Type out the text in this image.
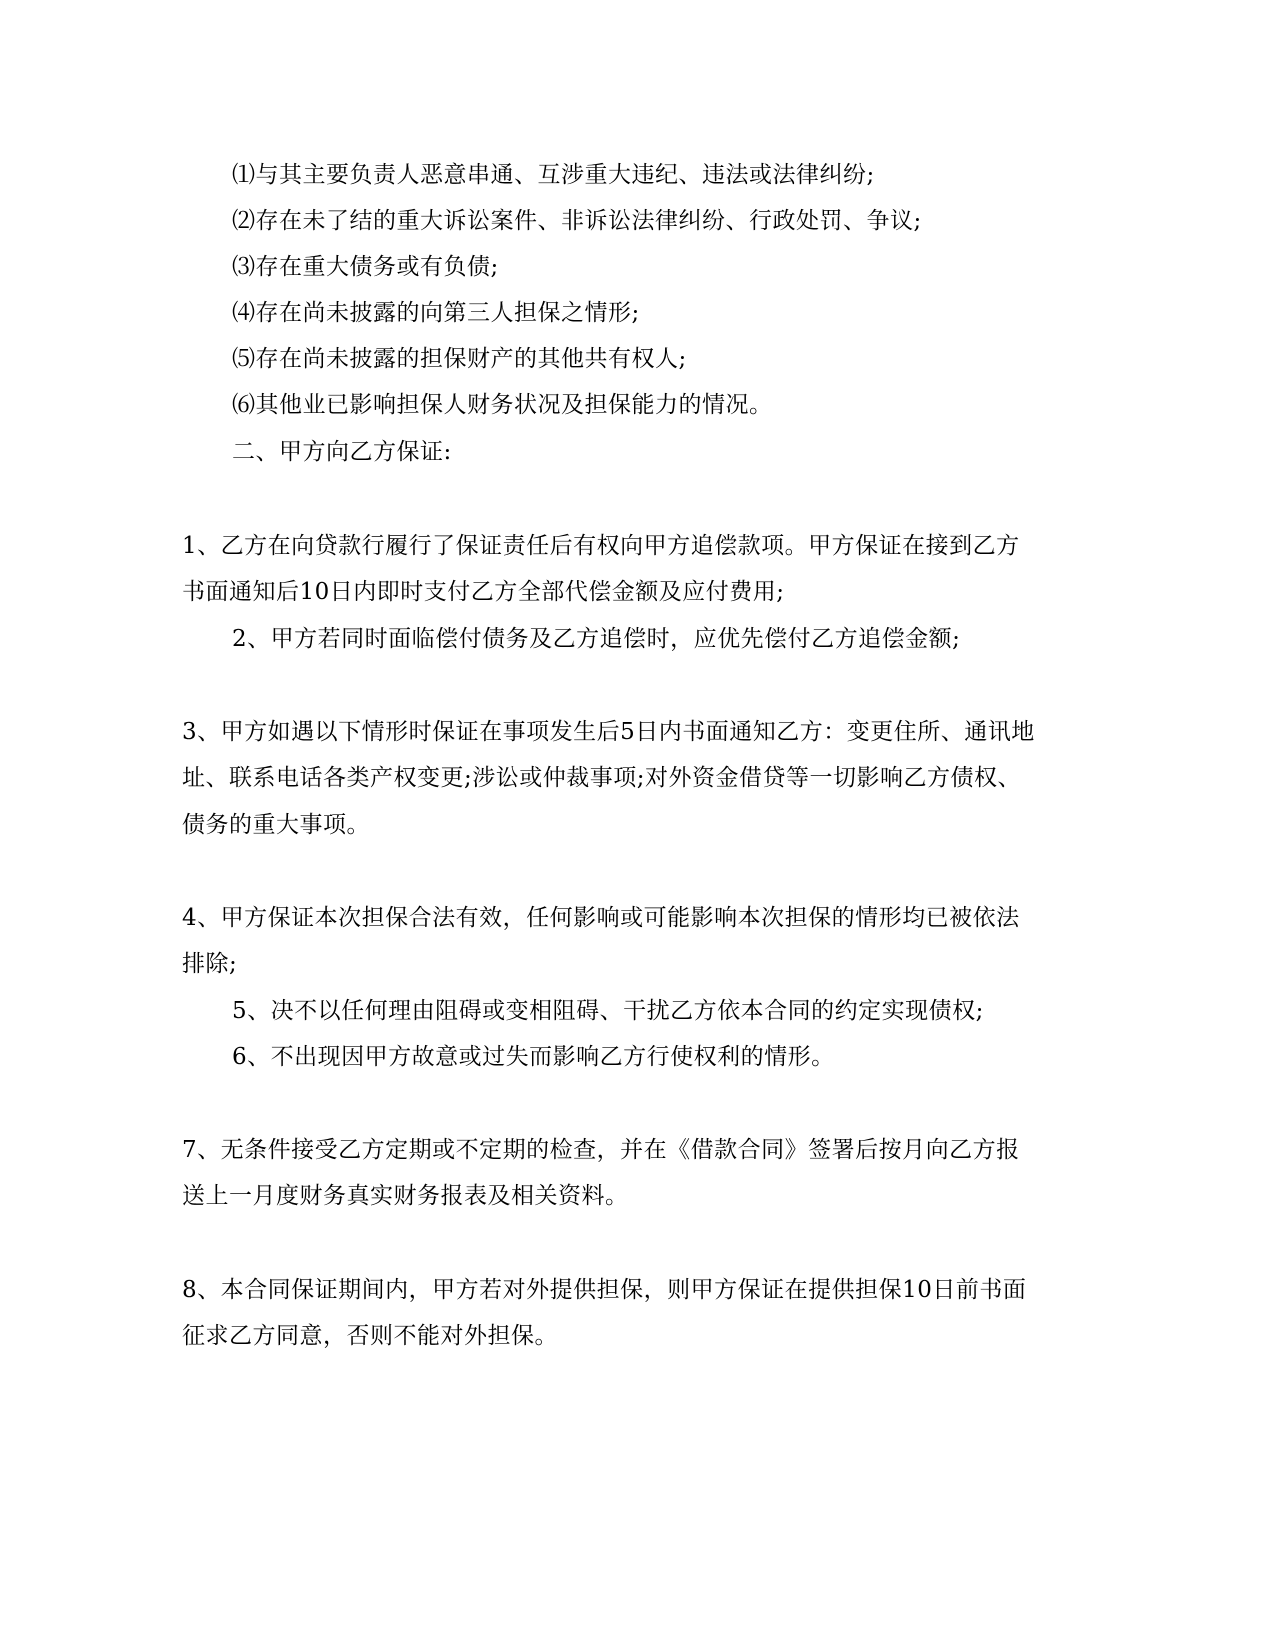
⑴与其主要负责人恶意串通、互涉重大违纪、违法或法律纠纷;
⑵存在未了结的重大诉讼案件、非诉讼法律纠纷、行政处罚、争议;
⑶存在重大债务或有负债;
⑷存在尚未披露的向第三人担保之情形;
⑸存在尚未披露的担保财产的其他共有权人;
⑹其他业已影响担保人财务状况及担保能力的情况。
二、甲方向乙方保证:
1、乙方在向贷款行履行了保证责任后有权向甲方追偿款项。甲方保证在接到乙方
书面通知后10日内即时支付乙方全部代偿金额及应付费用;
2、甲方若同时面临偿付债务及乙方追偿时，应优先偿付乙方追偿金额;
3、甲方如遇以下情形时保证在事项发生后5日内书面通知乙方：变更住所、通讯地
址、联系电话各类产权变更;涉讼或仲裁事项;对外资金借贷等一切影响乙方债权、
债务的重大事项。
4、甲方保证本次担保合法有效，任何影响或可能影响本次担保的情形均已被依法
排除;
5、决不以任何理由阻碍或变相阻碍、干扰乙方依本合同的约定实现债权;
6、不出现因甲方故意或过失而影响乙方行使权利的情形。
7、无条件接受乙方定期或不定期的检查，并在《借款合同》签署后按月向乙方报
送上一月度财务真实财务报表及相关资料。
8、本合同保证期间内，甲方若对外提供担保，则甲方保证在提供担保10日前书面
征求乙方同意，否则不能对外担保。
